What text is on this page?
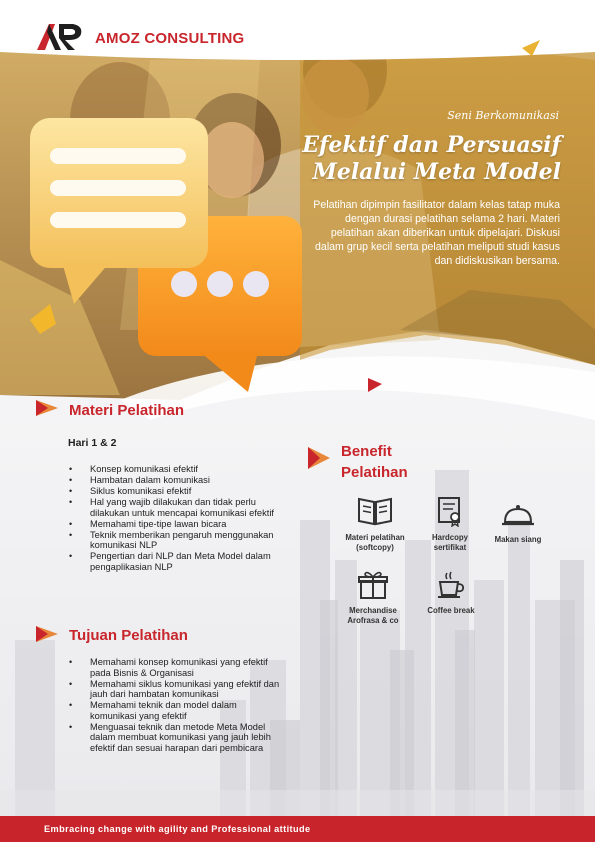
AMOZ CONSULTING
Seni Berkomunikasi
Efektif dan Persuasif
Melalui Meta Model
Pelatihan dipimpin fasilitator dalam kelas tatap muka dengan durasi pelatihan selama 2 hari. Materi pelatihan akan diberikan untuk dipelajari. Diskusi dalam grup kecil serta pelatihan meliputi studi kasus dan didiskusikan bersama.
Materi Pelatihan
Hari 1 & 2
• Konsep komunikasi efektif
• Hambatan dalam komunikasi
• Siklus komunikasi efektif
• Hal yang wajib dilakukan dan tidak perlu dilakukan untuk mencapai komunikasi efektif
• Memahami tipe-tipe lawan bicara
• Teknik memberikan pengaruh menggunakan komunikasi NLP
• Pengertian dari NLP dan Meta Model dalam pengaplikasian NLP
Benefit
Pelatihan
Materi pelatihan (softcopy)
Hardcopy sertifikat
Makan siang
Merchandise Arofrasa & co
Coffee break
Tujuan Pelatihan
• Memahami konsep komunikasi yang efektif pada Bisnis & Organisasi
• Memahami siklus komunikasi yang efektif dan jauh dari hambatan komunikasi
• Memahami teknik dan model dalam komunikasi yang efektif
• Menguasai teknik dan metode Meta Model dalam membuat komunikasi yang jauh lebih efektif dan sesuai harapan dari pembicara
Embracing change with agility and Professional attitude
